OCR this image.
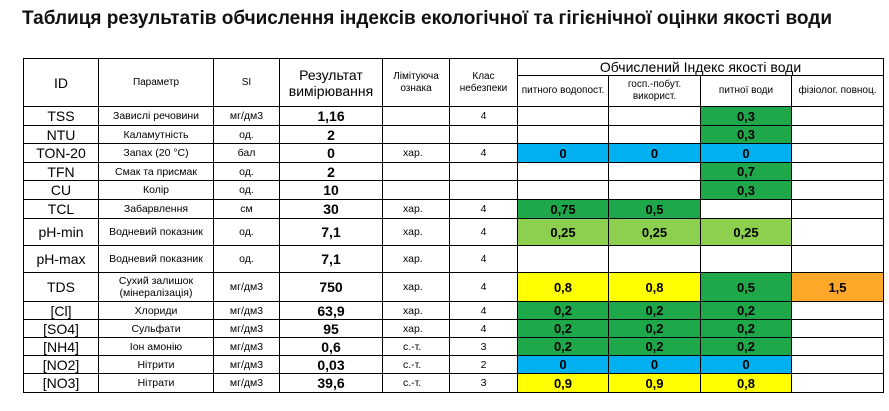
Таблиця результатів обчислення індексів екологічної та гігієнічної оцінки якості води
ID	Параметр	SI	Результат вимірювання	Лімітуюча ознака	Клас небезпеки	Обчислений Індекс якості води			
						питного водопост.	госп.-побут. використ.	питної води	фізіолог. повноц.
TSS	Завислі речовини	мг/дм3	1,16		4			0,3	
NTU	Каламутність	од.	2					0,3	
TON-20	Запах (20 °С)	бал	0	хар.	4	0	0	0	
TFN	Смак та присмак	од.	2					0,7	
CU	Колір	од.	10					0,3	
TCL	Забарвлення	см	30	хар.	4	0,75	0,5		
pH-min	Водневий показник	од.	7,1	хар.	4	0,25	0,25	0,25	
pH-max	Водневий показник	од.	7,1	хар.	4				
TDS	Сухий залишок (мінералізація)	мг/дм3	750	хар.	4	0,8	0,8	0,5	1,5
[Cl]	Хлориди	мг/дм3	63,9	хар.	4	0,2	0,2	0,2	
[SO4]	Сульфати	мг/дм3	95	хар.	4	0,2	0,2	0,2	
[NH4]	Іон амонію	мг/дм3	0,6	с.-т.	3	0,2	0,2	0,2	
[NO2]	Нітрити	мг/дм3	0,03	с.-т.	2	0	0	0	
[NO3]	Нітрати	мг/дм3	39,6	с.-т.	3	0,9	0,9	0,8	
